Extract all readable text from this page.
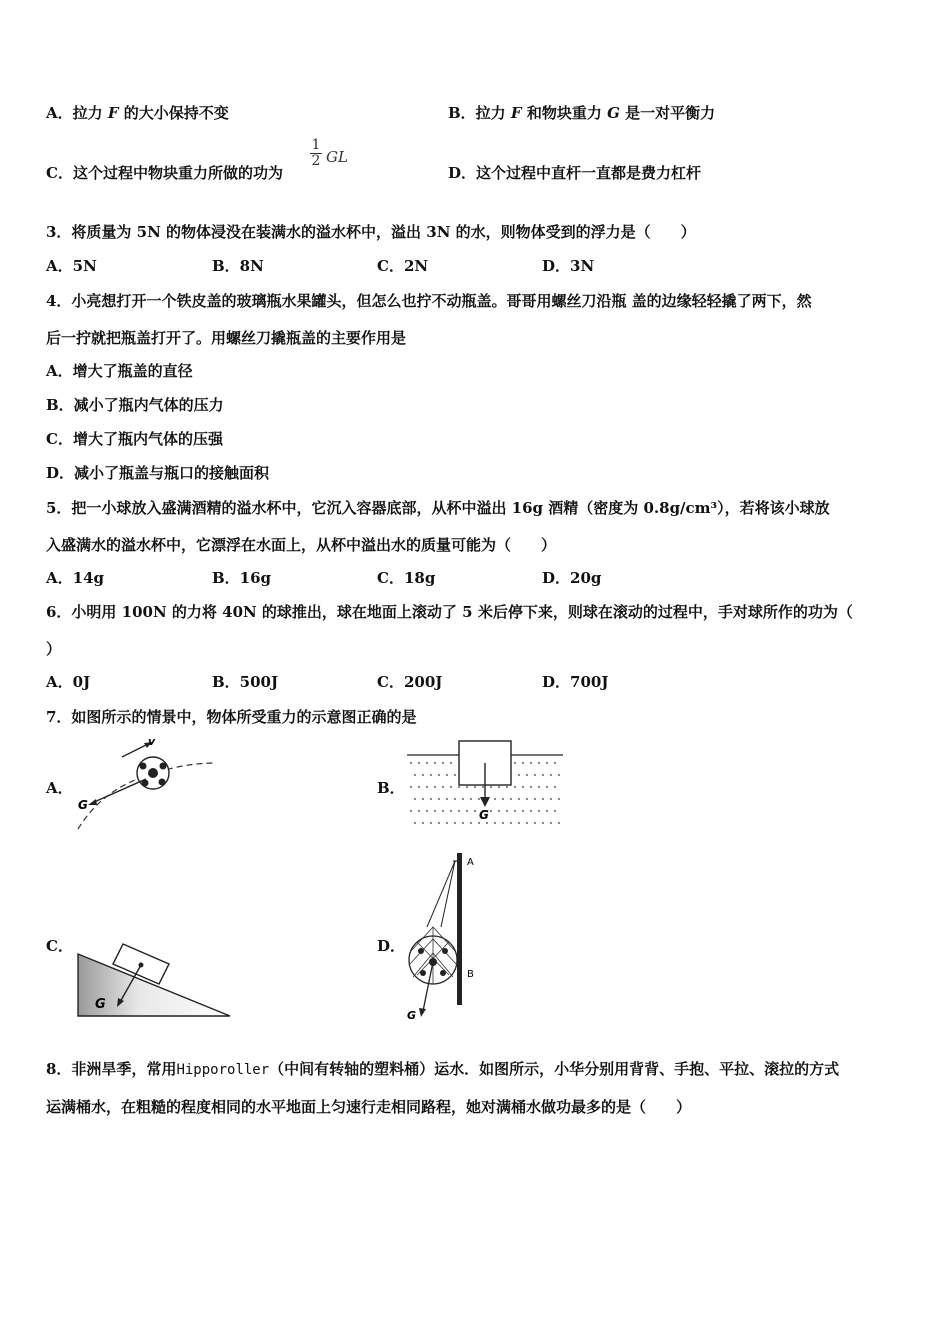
A．拉力 F 的大小保持不变	B．拉力 F 和物块重力 G 是一对平衡力
C．这个过程中物块重力所做的功为
1
2 GL
D．这个过程中直杆一直都是费力杠杆
3．将质量为 5N 的物体浸没在装满水的溢水杯中，溢出 3N 的水，则物体受到的浮力是（　　）
A．5N	B．8N	C．2N	D．3N
4．小亮想打开一个铁皮盖的玻璃瓶水果罐头，但怎么也拧不动瓶盖。哥哥用螺丝刀沿瓶 盖的边缘轻轻撬了两下，然
后一拧就把瓶盖打开了。用螺丝刀撬瓶盖的主要作用是
A．增大了瓶盖的直径
B．减小了瓶内气体的压力
C．增大了瓶内气体的压强
D．减小了瓶盖与瓶口的接触面积
5．把一小球放入盛满酒精的溢水杯中，它沉入容器底部，从杯中溢出 16g 酒精（密度为 0.8g/cm³），若将该小球放
入盛满水的溢水杯中，它漂浮在水面上，从杯中溢出水的质量可能为（　　）
A．14g	B．16g	C．18g	D．20g
6．小明用 100N 的力将 40N 的球推出，球在地面上滚动了 5 米后停下来，则球在滚动的过程中，手对球所作的功为（
）
A．0J	B．500J	C．200J	D．700J
7．如图所示的情景中，物体所受重力的示意图正确的是
A．	B．
C．	D．
v
G
G
G
A
B
G
8．非洲旱季，常用Hipporoller（中间有转轴的塑料桶）运水．如图所示，小华分别用背背、手抱、平拉、滚拉的方式
运满桶水，在粗糙的程度相同的水平地面上匀速行走相同路程，她对满桶水做功最多的是（　　）
